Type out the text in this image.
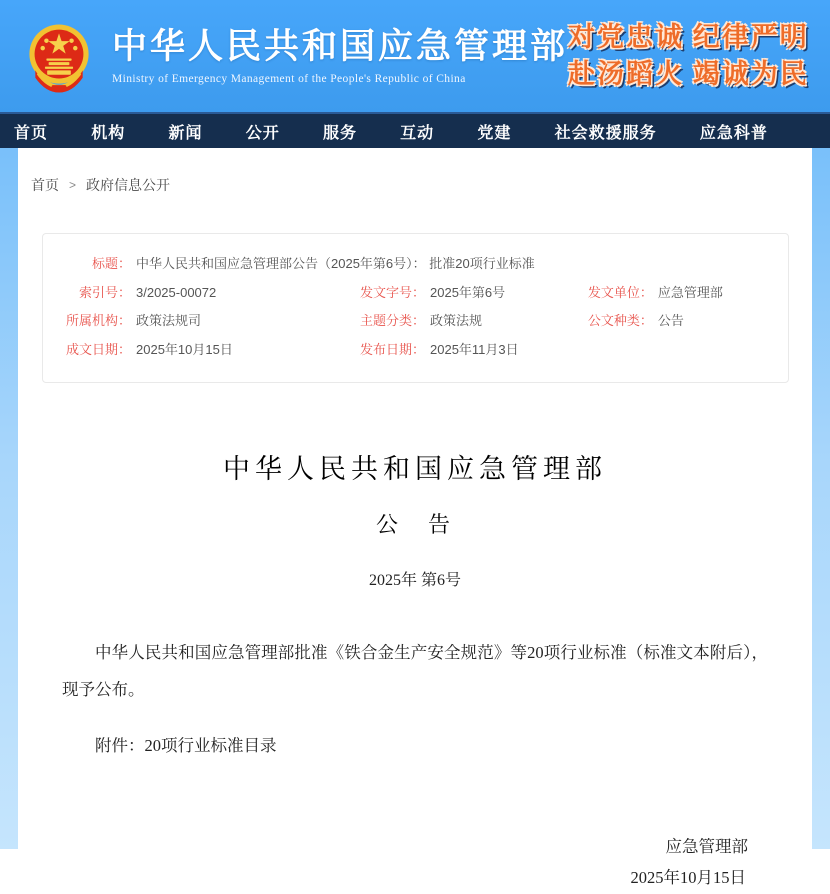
中华人民共和国应急管理部
Ministry of Emergency Management of the People's Republic of China
对党忠诚 纪律严明
赴汤蹈火 竭诚为民
首页	机构	新闻	公开	服务	互动	党建	社会救援服务	应急科普
首页 > 政府信息公开
标题： 中华人民共和国应急管理部公告（2025年第6号）： 批准20项行业标准
索引号： 3/2025-00072	发文字号： 2025年第6号	发文单位： 应急管理部
所属机构： 政策法规司	主题分类： 政策法规	公文种类： 公告
成文日期： 2025年10月15日	发布日期： 2025年11月3日
中华人民共和国应急管理部
公　告
2025年 第6号
中华人民共和国应急管理部批准《铁合金生产安全规范》等20项行业标准（标准文本附后），现予公布。
附件：20项行业标准目录
应急管理部
2025年10月15日
